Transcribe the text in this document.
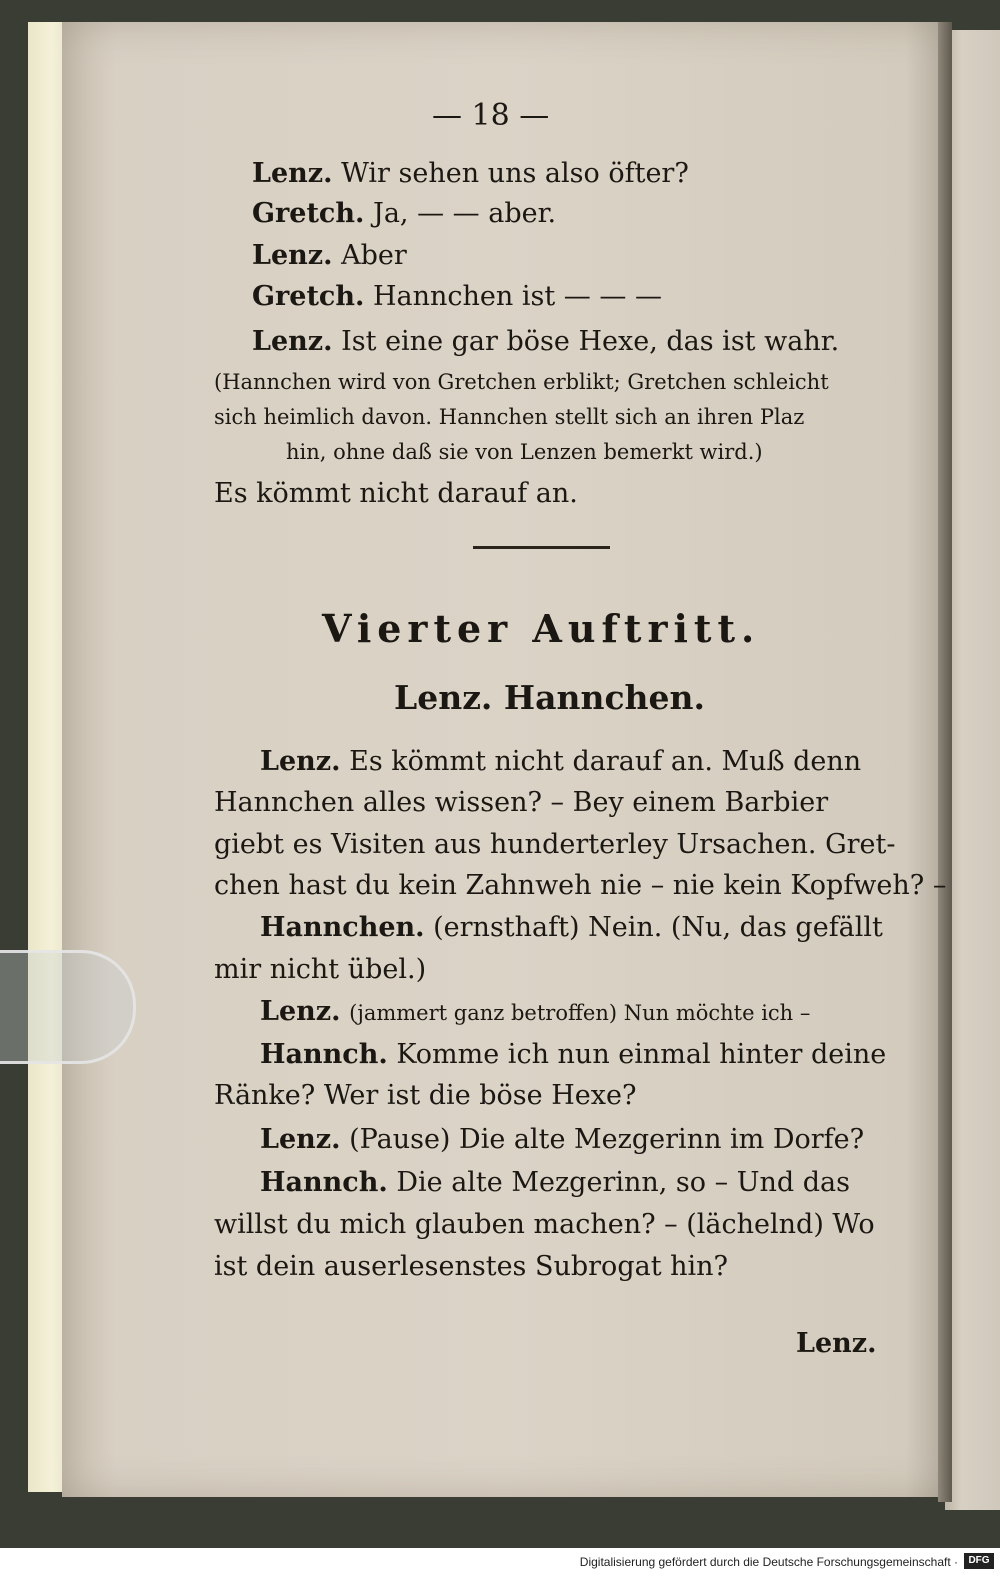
— 18 —
Lenz. Wir sehen uns also öfter?
Gretch. Ja, — — aber.
Lenz. Aber
Gretch. Hannchen ist — — —
Lenz. Ist eine gar böse Hexe, das ist wahr.
(Hannchen wird von Gretchen erblikt; Gretchen schleicht
sich heimlich davon. Hannchen stellt sich an ihren Plaz
hin, ohne daß sie von Lenzen bemerkt wird.)
Es kömmt nicht darauf an.
Vierter Auftritt.
Lenz. Hannchen.
Lenz. Es kömmt nicht darauf an. Muß denn
Hannchen alles wissen? – Bey einem Barbier
giebt es Visiten aus hunderterley Ursachen. Gret-
chen hast du kein Zahnweh nie – nie kein Kopfweh? –
Hannchen. (ernsthaft) Nein. (Nu, das gefällt
mir nicht übel.)
Lenz. (jammert ganz betroffen) Nun möchte ich –
Hannch. Komme ich nun einmal hinter deine
Ränke? Wer ist die böse Hexe?
Lenz. (Pause) Die alte Mezgerinn im Dorfe?
Hannch. Die alte Mezgerinn, so – Und das
willst du mich glauben machen? – (lächelnd) Wo
ist dein auserlesenstes Subrogat hin?
Lenz.
Digitalisierung gefördert durch die Deutsche Forschungsgemeinschaft ·	DFG
